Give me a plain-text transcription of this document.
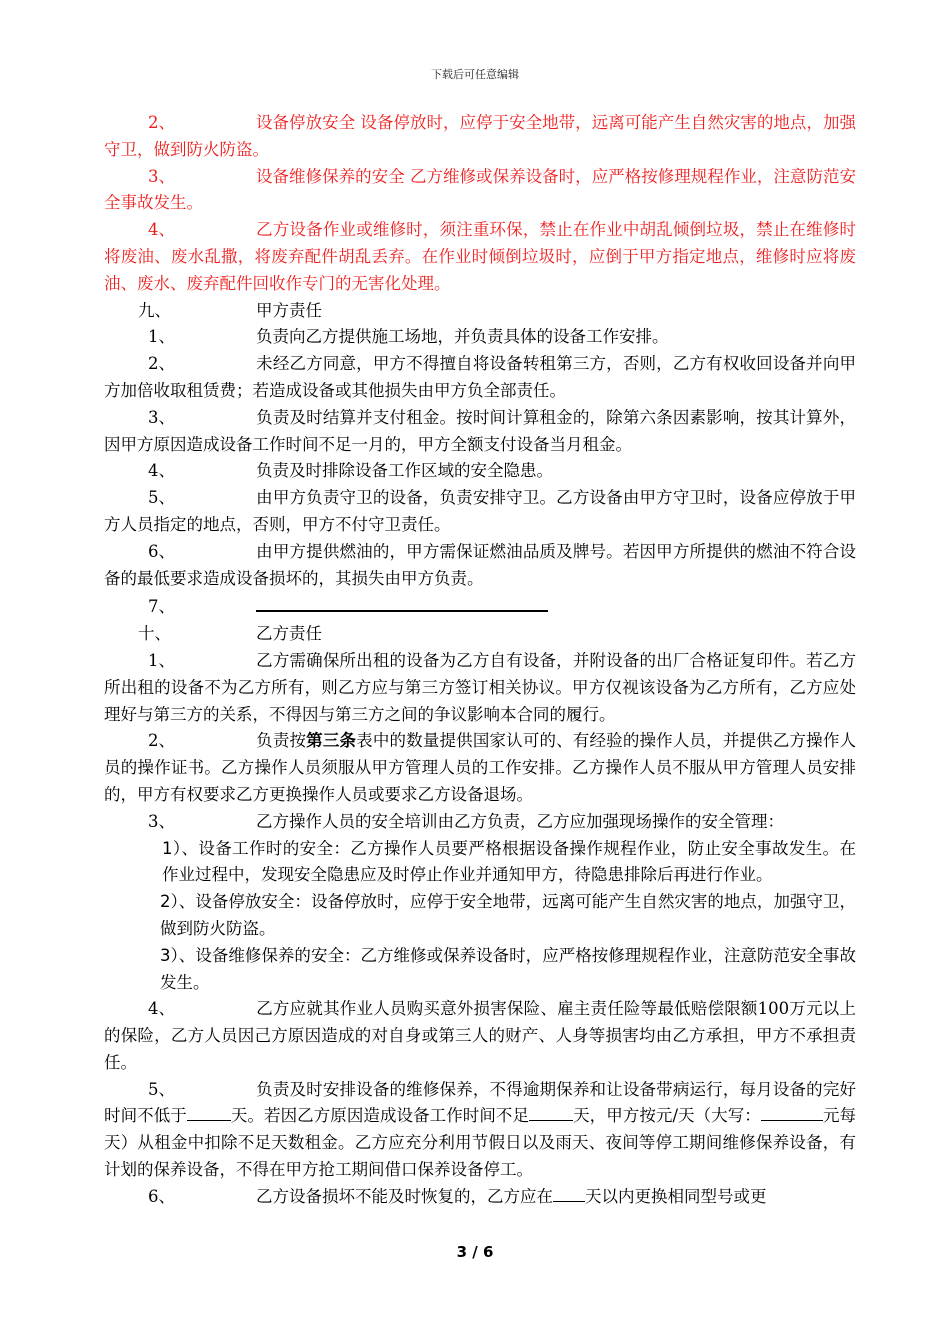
下载后可任意编辑

2、	设备停放安全 设备停放时，应停于安全地带，远离可能产生自然灾害的地点，加强守卫，做到防火防盗。

3、	设备维修保养的安全 乙方维修或保养设备时，应严格按修理规程作业，注意防范安全事故发生。

4、	乙方设备作业或维修时，须注重环保，禁止在作业中胡乱倾倒垃圾，禁止在维修时将废油、废水乱撒，将废弃配件胡乱丢弃。在作业时倾倒垃圾时，应倒于甲方指定地点，维修时应将废油、废水、废弃配件回收作专门的无害化处理。

九、	甲方责任

1、	负责向乙方提供施工场地，并负责具体的设备工作安排。

2、	未经乙方同意，甲方不得擅自将设备转租第三方，否则，乙方有权收回设备并向甲方加倍收取租赁费；若造成设备或其他损失由甲方负全部责任。

3、	负责及时结算并支付租金。按时间计算租金的，除第六条因素影响，按其计算外，因甲方原因造成设备工作时间不足一月的，甲方全额支付设备当月租金。

4、	负责及时排除设备工作区域的安全隐患。

5、	由甲方负责守卫的设备，负责安排守卫。乙方设备由甲方守卫时，设备应停放于甲方人员指定的地点，否则，甲方不付守卫责任。

6、	由甲方提供燃油的，甲方需保证燃油品质及牌号。若因甲方所提供的燃油不符合设备的最低要求造成设备损坏的，其损失由甲方负责。

7、

十、	乙方责任

1、	乙方需确保所出租的设备为乙方自有设备，并附设备的出厂合格证复印件。若乙方所出租的设备不为乙方所有，则乙方应与第三方签订相关协议。甲方仅视该设备为乙方所有，乙方应处理好与第三方的关系，不得因与第三方之间的争议影响本合同的履行。

2、	负责按第三条表中的数量提供国家认可的、有经验的操作人员，并提供乙方操作人员的操作证书。乙方操作人员须服从甲方管理人员的工作安排。乙方操作人员不服从甲方管理人员安排的，甲方有权要求乙方更换操作人员或要求乙方设备退场。

3、	乙方操作人员的安全培训由乙方负责，乙方应加强现场操作的安全管理：

1）、设备工作时的安全：乙方操作人员要严格根据设备操作规程作业，防止安全事故发生。在作业过程中，发现安全隐患应及时停止作业并通知甲方，待隐患排除后再进行作业。

2）、设备停放安全：设备停放时，应停于安全地带，远离可能产生自然灾害的地点，加强守卫，做到防火防盗。

3）、设备维修保养的安全：乙方维修或保养设备时，应严格按修理规程作业，注意防范安全事故发生。

4、	乙方应就其作业人员购买意外损害保险、雇主责任险等最低赔偿限额100万元以上的保险，乙方人员因己方原因造成的对自身或第三人的财产、人身等损害均由乙方承担，甲方不承担责任。

5、	负责及时安排设备的维修保养，不得逾期保养和让设备带病运行，每月设备的完好时间不低于	天。若因乙方原因造成设备工作时间不足	天，甲方按元/天（大写：	元每天）从租金中扣除不足天数租金。乙方应充分利用节假日以及雨天、夜间等停工期间维修保养设备，有计划的保养设备，不得在甲方抢工期间借口保养设备停工。

6、	乙方设备损坏不能及时恢复的，乙方应在 天以内更换相同型号或更

3 / 6
